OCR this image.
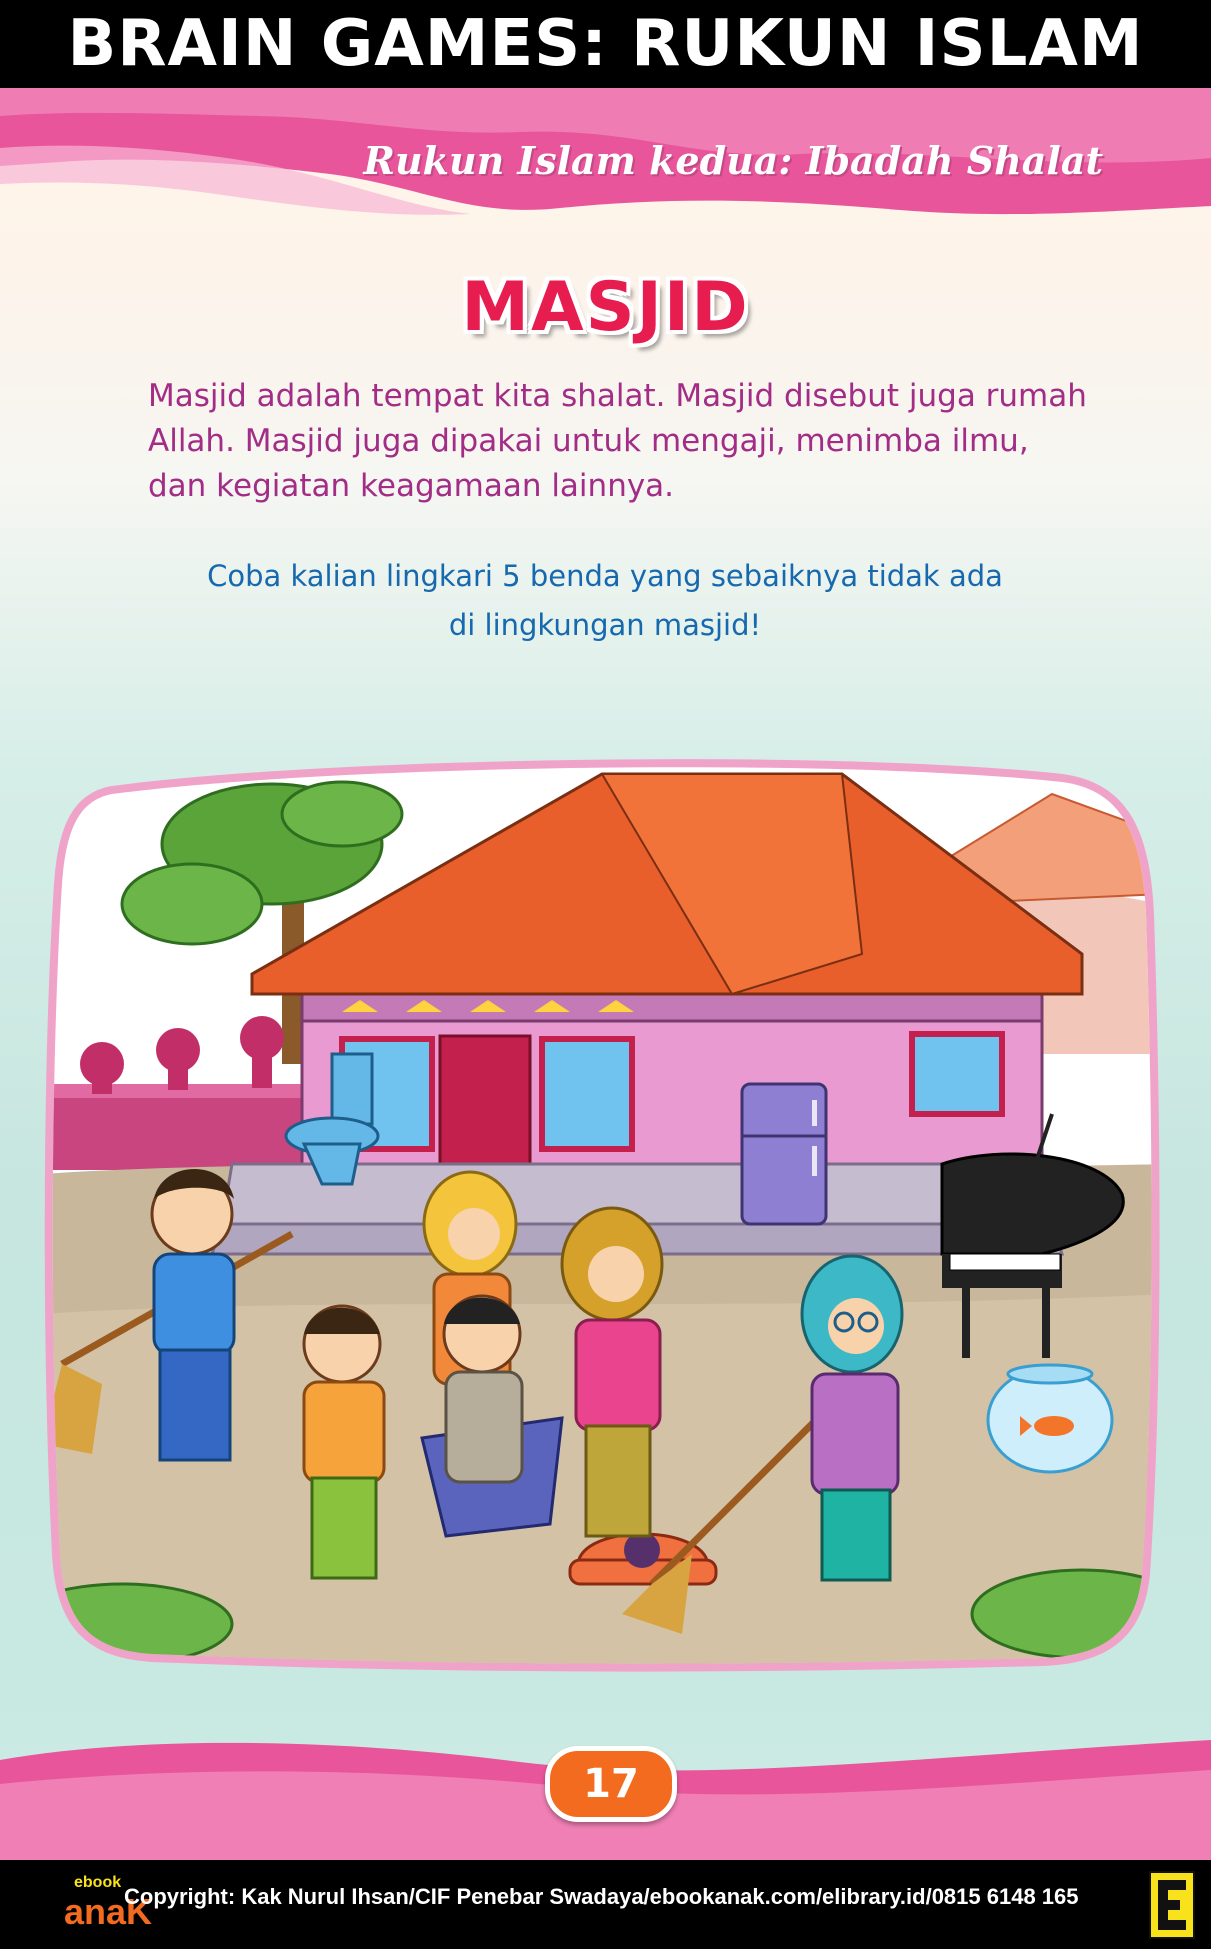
BRAIN GAMES: RUKUN ISLAM
Rukun Islam kedua: Ibadah Shalat
MASJID

Masjid adalah tempat kita shalat. Masjid disebut juga rumah Allah. Masjid juga dipakai untuk mengaji, menimba ilmu, dan kegiatan keagamaan lainnya.

Coba kalian lingkari 5 benda yang sebaiknya tidak ada
di lingkungan masjid!

17
ebook
anaK
Copyright: Kak Nurul Ihsan/CIF Penebar Swadaya/ebookanak.com/elibrary.id/0815 6148 165
